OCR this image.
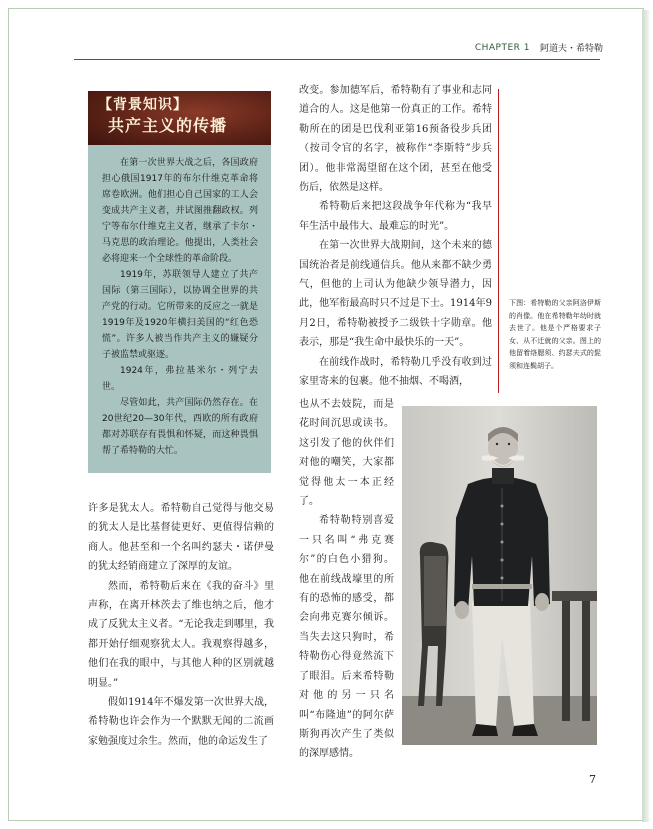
CHAPTER 1 阿道夫・希特勒
【背景知识】
共产主义的传播

在第一次世界大战之后，各国政府担心俄国1917年的布尔什维克革命将席卷欧洲。他们担心自己国家的工人会变成共产主义者，并试图推翻政权。列宁等布尔什维克主义者，继承了卡尔・马克思的政治理论。他提出，人类社会必将迎来一个全球性的革命阶段。

1919年，苏联领导人建立了共产国际（第三国际），以协调全世界的共产党的行动。它所带来的反应之一就是1919年及1920年横扫美国的“红色恐慌”。许多人被当作共产主义的嫌疑分子被监禁或驱逐。

1924年，弗拉基米尔・列宁去世。

尽管如此，共产国际仍然存在。在20世纪20—30年代，西欧的所有政府都对苏联存有畏惧和怀疑，而这种畏惧帮了希特勒的大忙。

许多是犹太人。希特勒自己觉得与他交易的犹太人是比基督徒更好、更值得信赖的商人。他甚至和一个名叫约瑟夫・诺伊曼的犹太经销商建立了深厚的友谊。

然而，希特勒后来在《我的奋斗》里声称，在离开林茨去了维也纳之后，他才成了反犹太主义者。“无论我走到哪里，我都开始仔细观察犹太人。我观察得越多，他们在我的眼中，与其他人种的区别就越明显。”

假如1914年不爆发第一次世界大战，希特勒也许会作为一个默默无闻的二流画家勉强度过余生。然而，他的命运发生了

改变。参加德军后，希特勒有了事业和志同道合的人。这是他第一份真正的工作。希特勒所在的团是巴伐利亚第16预备役步兵团（按司令官的名字，被称作“李斯特”步兵团）。他非常渴望留在这个团，甚至在他受伤后，依然是这样。

希特勒后来把这段战争年代称为“我早年生活中最伟大、最难忘的时光”。

在第一次世界大战期间，这个未来的德国统治者是前线通信兵。他从来都不缺少勇气，但他的上司认为他缺少领导潜力，因此，他军衔最高时只不过是下士。1914年9月2日，希特勒被授予二级铁十字勋章。他表示，那是“我生命中最快乐的一天”。

在前线作战时，希特勒几乎没有收到过家里寄来的包裹。他不抽烟、不喝酒，

也从不去妓院，而是花时间沉思或读书。这引发了他的伙伴们对他的嘲笑，大家都觉得他太一本正经了。

希特勒特别喜爱一只名叫“弗克赛尔”的白色小猎狗。他在前线战壕里的所有的恐怖的感受，都会向弗克赛尔倾诉。当失去这只狗时，希特勒伤心得竟然流下了眼泪。后来希特勒对他的另一只名叫“布隆迪”的阿尔萨斯狗再次产生了类似的深厚感情。

下图：希特勒的父亲阿洛伊斯的肖像。他在希特勒年幼时就去世了。他是个严格要求子女、从不迁就的父亲。图上的他留着络腮须、约瑟夫式的髭须和连鬓胡子。
7
